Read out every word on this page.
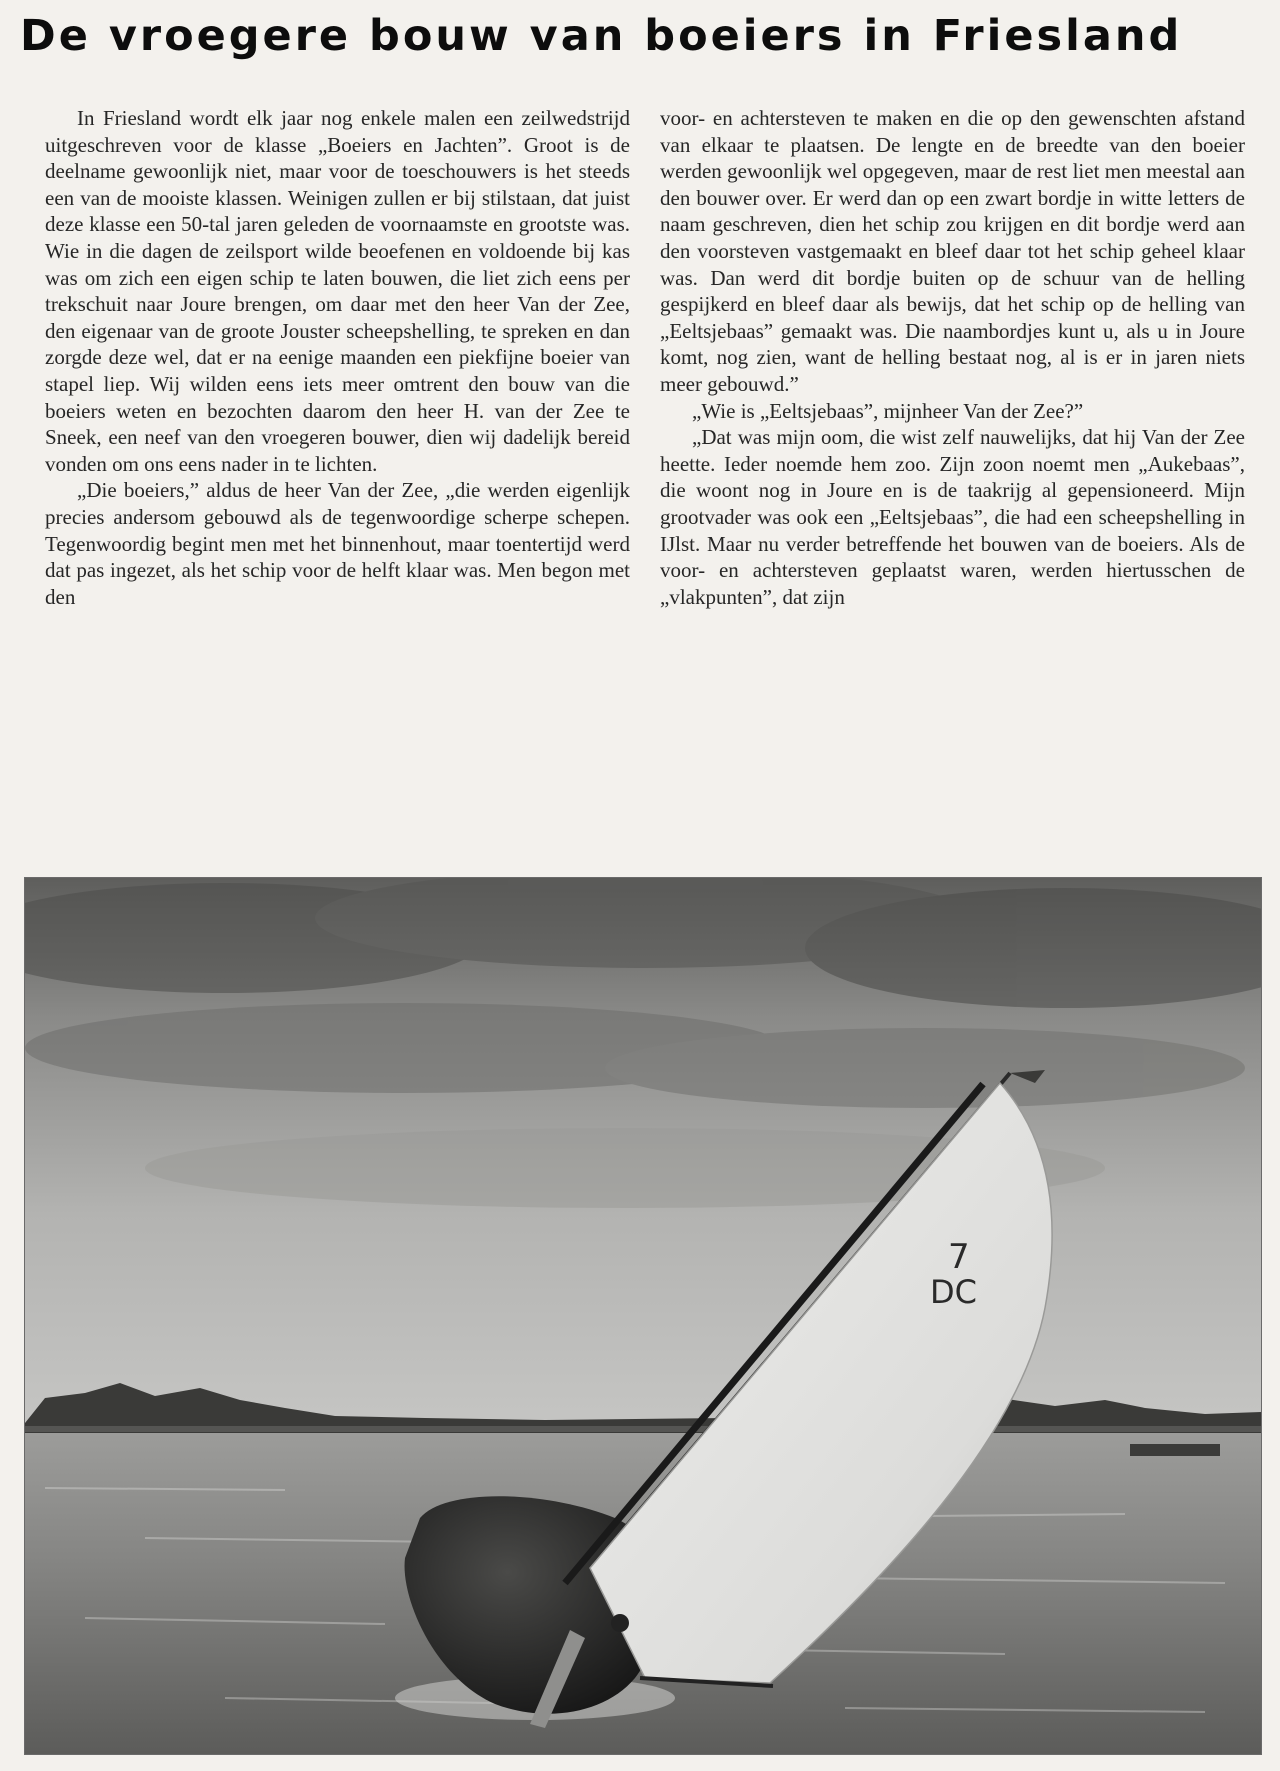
De vroegere bouw van boeiers in Friesland

In Friesland wordt elk jaar nog enkele malen een zeilwedstrijd uitgeschreven voor de klasse „Boeiers en Jachten”. Groot is de deelname gewoonlijk niet, maar voor de toeschouwers is het steeds een van de mooiste klassen. Weinigen zullen er bij stilstaan, dat juist deze klasse een 50-tal jaren geleden de voornaamste en grootste was. Wie in die dagen de zeilsport wilde beoefenen en voldoende bij kas was om zich een eigen schip te laten bouwen, die liet zich eens per trekschuit naar Joure brengen, om daar met den heer Van der Zee, den eigenaar van de groote Jouster scheepshelling, te spreken en dan zorgde deze wel, dat er na eenige maanden een piekfijne boeier van stapel liep. Wij wilden eens iets meer omtrent den bouw van die boeiers weten en bezochten daarom den heer H. van der Zee te Sneek, een neef van den vroegeren bouwer, dien wij dadelijk bereid vonden om ons eens nader in te lichten.

„Die boeiers,” aldus de heer Van der Zee, „die werden eigenlijk precies andersom gebouwd als de tegenwoordige scherpe schepen. Tegenwoordig begint men met het binnenhout, maar toentertijd werd dat pas ingezet, als het schip voor de helft klaar was. Men begon met den

voor- en achtersteven te maken en die op den gewenschten afstand van elkaar te plaatsen. De lengte en de breedte van den boeier werden gewoonlijk wel opgegeven, maar de rest liet men meestal aan den bouwer over. Er werd dan op een zwart bordje in witte letters de naam geschreven, dien het schip zou krijgen en dit bordje werd aan den voorsteven vastgemaakt en bleef daar tot het schip geheel klaar was. Dan werd dit bordje buiten op de schuur van de helling gespijkerd en bleef daar als bewijs, dat het schip op de helling van „Eeltsjebaas” gemaakt was. Die naambordjes kunt u, als u in Joure komt, nog zien, want de helling bestaat nog, al is er in jaren niets meer gebouwd.”

„Wie is „Eeltsjebaas”, mijnheer Van der Zee?”

„Dat was mijn oom, die wist zelf nauwelijks, dat hij Van der Zee heette. Ieder noemde hem zoo. Zijn zoon noemt men „Aukebaas”, die woont nog in Joure en is de taakrijg al gepensioneerd. Mijn grootvader was ook een „Eeltsjebaas”, die had een scheepshelling in IJlst. Maar nu verder betreffende het bouwen van de boeiers. Als de voor- en achtersteven geplaatst waren, werden hiertusschen de „vlakpunten”, dat zijn

7
DC
